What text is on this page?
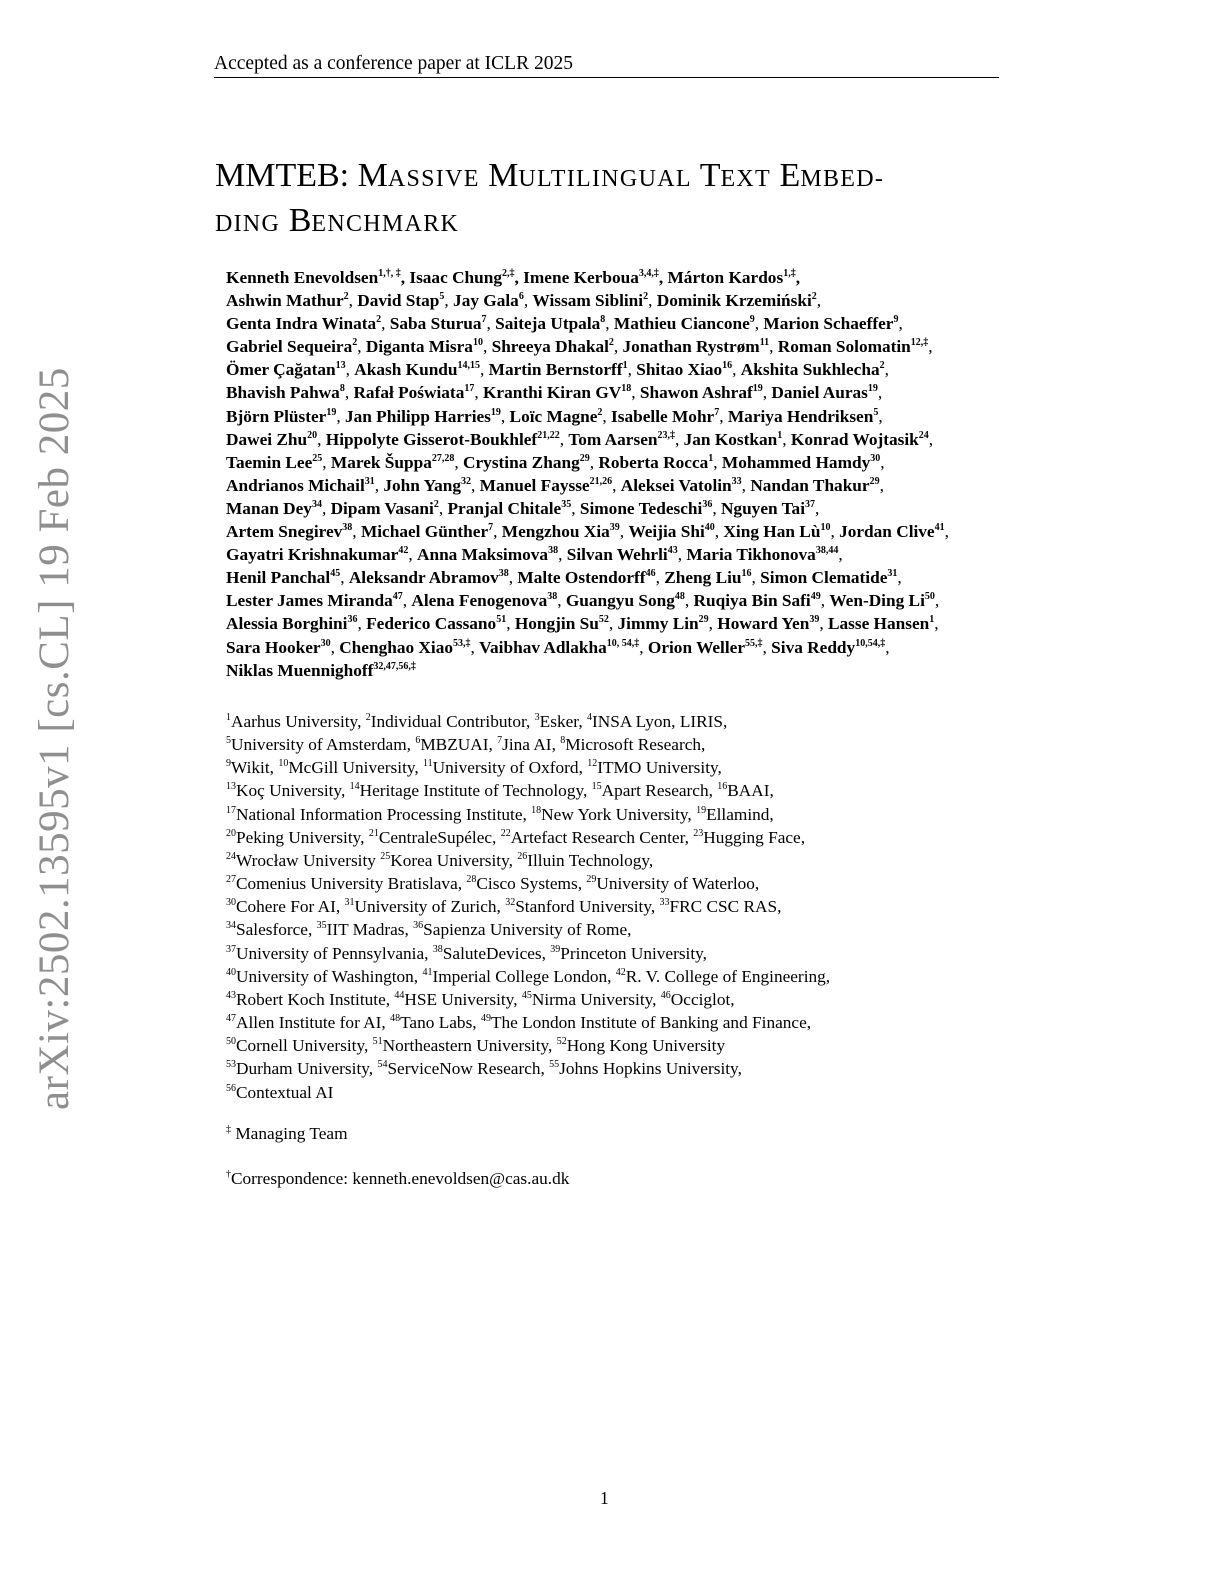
Accepted as a conference paper at ICLR 2025
MMTEB: MASSIVE MULTILINGUAL TEXT EMBED-
DING BENCHMARK
arXiv:2502.13595v1 [cs.CL] 19 Feb 2025
Kenneth Enevoldsen$^{1,\dagger, \ddagger}$, Isaac Chung$^{2,\ddagger}$, Imene Kerboua$^{3,4,\ddagger}$, Márton Kardos$^{1,\ddagger}$,
Ashwin Mathur$^2$, David Stap$^5$, Jay Gala$^6$, Wissam Siblini$^2$, Dominik Krzemiński$^2$,
Genta Indra Winata$^2$, Saba Sturua$^7$, Saiteja Utpala$^8$, Mathieu Ciancone$^9$, Marion Schaeffer$^9$,
Gabriel Sequeira$^2$, Diganta Misra$^{10}$, Shreeya Dhakal$^2$, Jonathan Rystrøm$^{11}$, Roman Solomatin$^{12,\ddagger}$,
Ömer Çağatan$^{13}$, Akash Kundu$^{14,15}$, Martin Bernstorff$^1$, Shitao Xiao$^{16}$, Akshita Sukhlecha$^2$,
Bhavish Pahwa$^8$, Rafał Poświata$^{17}$, Kranthi Kiran GV$^{18}$, Shawon Ashraf$^{19}$, Daniel Auras$^{19}$,
Björn Plüster$^{19}$, Jan Philipp Harries$^{19}$, Loïc Magne$^2$, Isabelle Mohr$^7$, Mariya Hendriksen$^5$,
Dawei Zhu$^{20}$, Hippolyte Gisserot-Boukhlef$^{21,22}$, Tom Aarsen$^{23,\ddagger}$, Jan Kostkan$^1$, Konrad Wojtasik$^{24}$,
Taemin Lee$^{25}$, Marek Šuppa$^{27,28}$, Crystina Zhang$^{29}$, Roberta Rocca$^1$, Mohammed Hamdy$^{30}$,
Andrianos Michail$^{31}$, John Yang$^{32}$, Manuel Faysse$^{21,26}$, Aleksei Vatolin$^{33}$, Nandan Thakur$^{29}$,
Manan Dey$^{34}$, Dipam Vasani$^2$, Pranjal Chitale$^{35}$, Simone Tedeschi$^{36}$, Nguyen Tai$^{37}$,
Artem Snegirev$^{38}$, Michael Günther$^7$, Mengzhou Xia$^{39}$, Weijia Shi$^{40}$, Xing Han $Lù^{10}$, Jordan Clive$^{41}$,
Gayatri Krishnakumar$^{42}$, Anna Maksimova$^{38}$, Silvan Wehrli$^{43}$, Maria Tikhonova$^{38,44}$,
Henil Panchal$^{45}$, Aleksandr Abramov$^{38}$, Malte Ostendorff$^{46}$, Zheng Liu$^{16}$, Simon Clematide$^{31}$,
Lester James Miranda$^{47}$, Alena Fenogenova$^{38}$, Guangyu Song$^{48}$, Ruqiya Bin Safi$^{49}$, Wen-Ding Li$^{50}$,
Alessia Borghini$^{36}$, Federico Cassano$^{51}$, Hongjin Su$^{52}$, Jimmy Lin$^{29}$, Howard Yen$^{39}$, Lasse Hansen$^1$,
Sara Hooker$^{30}$, Chenghao Xiao$^{53,\ddagger}$, Vaibhav Adlakha$^{10, 54,\ddagger}$, Orion Weller$^{55,\ddagger}$, Siva Reddy$^{10,54,\ddagger}$,
Niklas Muennighoff$^{32,47,56,\ddagger}$
$^1$Aarhus University, $^2$Individual Contributor, $^3$Esker, $^4$INSA Lyon, LIRIS,
$^5$University of Amsterdam, $^6$MBZUAI, $^7$Jina AI, $^8$Microsoft Research,
$^9$Wikit, $^{10}$McGill University, $^{11}$University of Oxford, $^{12}$ITMO University,
$^{13}$Koç University, $^{14}$Heritage Institute of Technology, $^{15}$Apart Research, $^{16}$BAAI,
$^{17}$National Information Processing Institute, $^{18}$New York University, $^{19}$Ellamind,
$^{20}$Peking University, $^{21}$CentraleSupélec, $^{22}$Artefact Research Center, $^{23}$Hugging Face,
$^{24}$Wrocław University $^{25}$Korea University, $^{26}$Illuin Technology,
$^{27}$Comenius University Bratislava, $^{28}$Cisco Systems, $^{29}$University of Waterloo,
$^{30}$Cohere For AI, $^{31}$University of Zurich, $^{32}$Stanford University, $^{33}$FRC CSC RAS,
$^{34}$Salesforce, $^{35}$IIT Madras, $^{36}$Sapienza University of Rome,
$^{37}$University of Pennsylvania, $^{38}$SaluteDevices, $^{39}$Princeton University,
$^{40}$University of Washington, $^{41}$Imperial College London, $^{42}$R. V. College of Engineering,
$^{43}$Robert Koch Institute, $^{44}$HSE University, $^{45}$Nirma University, $^{46}$Occiglot,
$^{47}$Allen Institute for AI, $^{48}$Tano Labs, $^{49}$The London Institute of Banking and Finance,
$^{50}$Cornell University, $^{51}$Northeastern University, $^{52}$Hong Kong University
$^{53}$Durham University, $^{54}$ServiceNow Research, $^{55}$Johns Hopkins University,
$^{56}$Contextual AI
‡ Managing Team
†Correspondence: kenneth.enevoldsen@cas.au.dk
1
